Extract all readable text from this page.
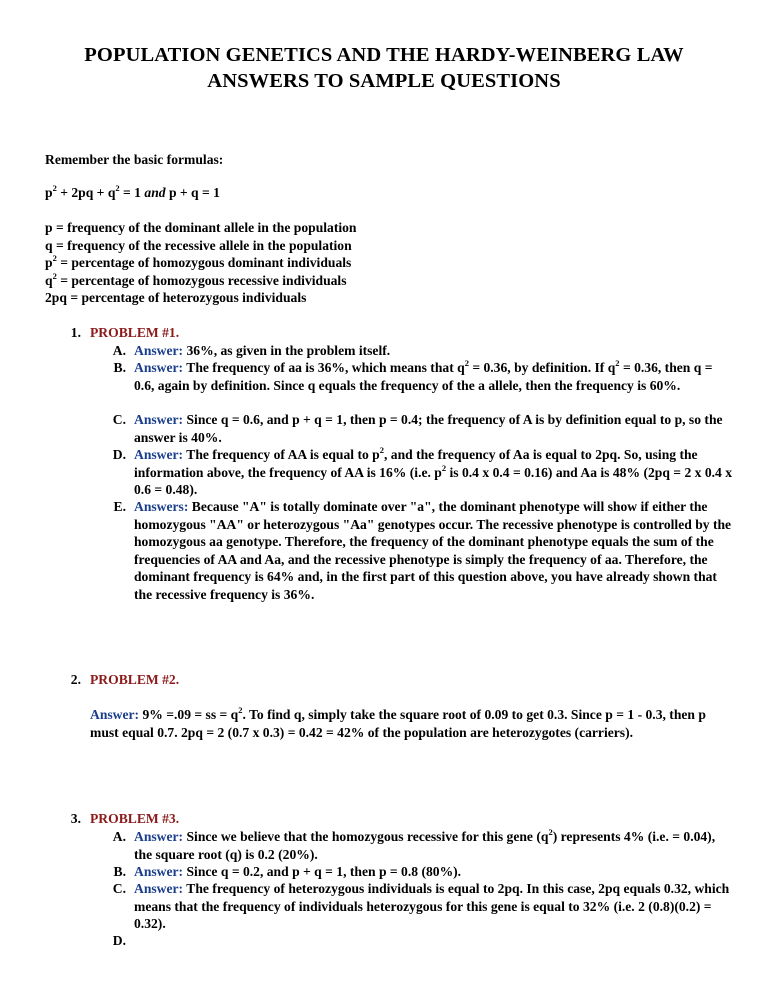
POPULATION GENETICS AND THE HARDY-WEINBERG LAW
ANSWERS TO SAMPLE QUESTIONS
Remember the basic formulas:
$p^2 + 2pq + q^2 = 1$ and p + q = 1
p = frequency of the dominant allele in the population
q = frequency of the recessive allele in the population
$p^2$ = percentage of homozygous dominant individuals
$q^2$ = percentage of homozygous recessive individuals
2pq = percentage of heterozygous individuals
1. PROBLEM #1.
A. Answer: 36%, as given in the problem itself.
B. Answer: The frequency of aa is 36%, which means that $q^2 = 0.36$, by definition. If $q^2 = 0.36$, then q = 0.6, again by definition. Since q equals the frequency of the a allele, then the frequency is 60%.
C. Answer: Since q = 0.6, and p + q = 1, then p = 0.4; the frequency of A is by definition equal to p, so the answer is 40%.
D. Answer: The frequency of AA is equal to $p^2$, and the frequency of Aa is equal to 2pq. So, using the information above, the frequency of AA is 16% (i.e. $p^2$ is 0.4 x 0.4 = 0.16) and Aa is 48% (2pq = 2 x 0.4 x 0.6 = 0.48).
E. Answers: Because "A" is totally dominate over "a", the dominant phenotype will show if either the homozygous "AA" or heterozygous "Aa" genotypes occur. The recessive phenotype is controlled by the homozygous aa genotype. Therefore, the frequency of the dominant phenotype equals the sum of the frequencies of AA and Aa, and the recessive phenotype is simply the frequency of aa. Therefore, the dominant frequency is 64% and, in the first part of this question above, you have already shown that the recessive frequency is 36%.
2. PROBLEM #2.
Answer: 9% =.09 = ss = $q^2$. To find q, simply take the square root of 0.09 to get 0.3. Since p = 1 - 0.3, then p must equal 0.7. 2pq = 2 (0.7 x 0.3) = 0.42 = 42% of the population are heterozygotes (carriers).
3. PROBLEM #3.
A. Answer: Since we believe that the homozygous recessive for this gene $(q^2)$ represents 4% (i.e. = 0.04), the square root (q) is 0.2 (20%).
B. Answer: Since q = 0.2, and p + q = 1, then p = 0.8 (80%).
C. Answer: The frequency of heterozygous individuals is equal to 2pq. In this case, 2pq equals 0.32, which means that the frequency of individuals heterozygous for this gene is equal to 32% (i.e. 2 (0.8)(0.2) = 0.32).
D.
